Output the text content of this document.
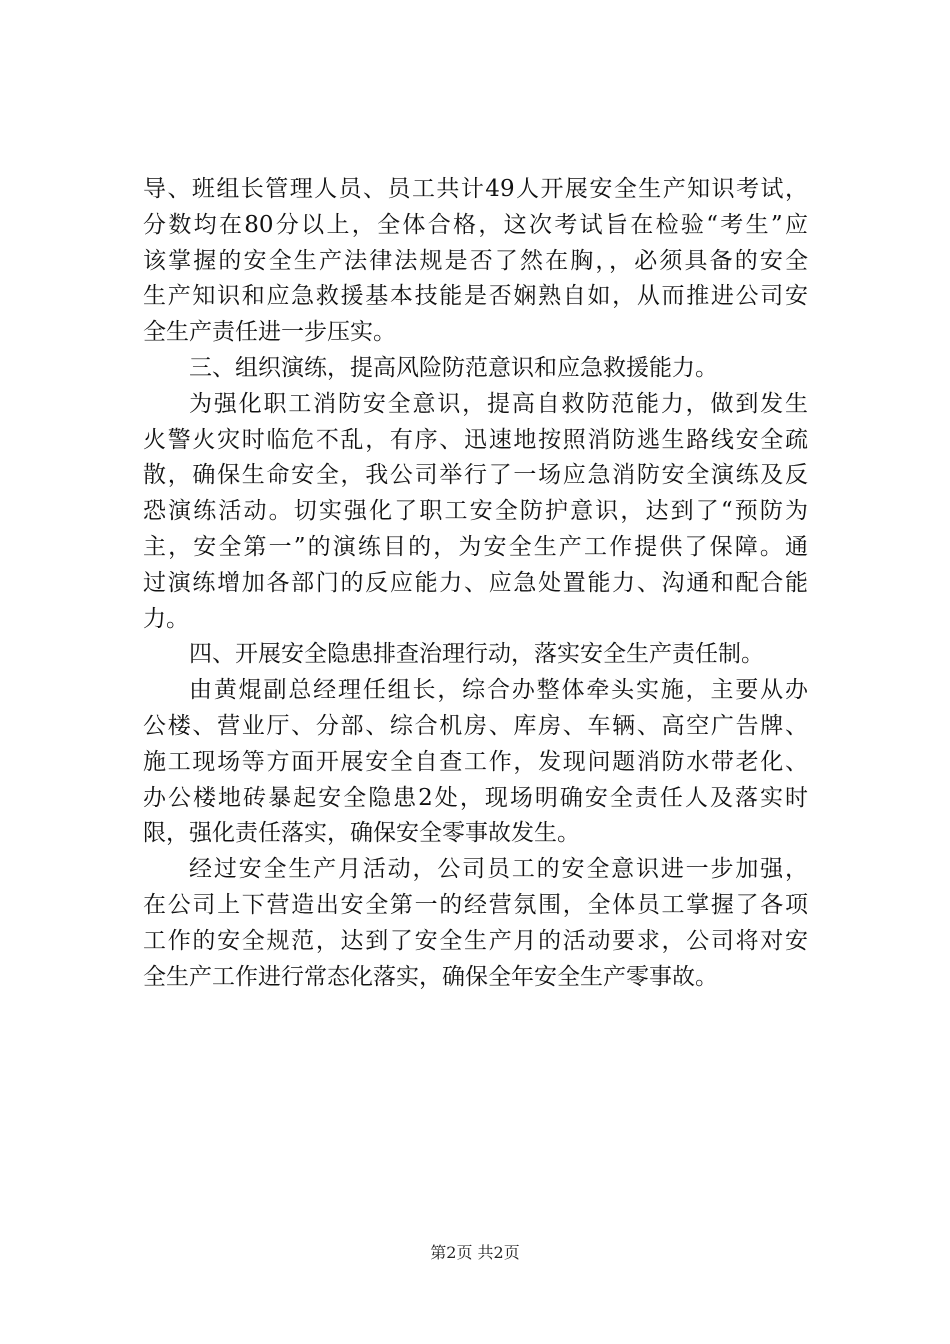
导、班组长管理人员、员工共计49人开展安全生产知识考试，
分数均在80分以上，全体合格，这次考试旨在检验“考生”应
该掌握的安全生产法律法规是否了然在胸，，必须具备的安全
生产知识和应急救援基本技能是否娴熟自如，从而推进公司安
全生产责任进一步压实。
三、组织演练，提高风险防范意识和应急救援能力。
为强化职工消防安全意识，提高自救防范能力，做到发生
火警火灾时临危不乱，有序、迅速地按照消防逃生路线安全疏
散，确保生命安全，我公司举行了一场应急消防安全演练及反
恐演练活动。切实强化了职工安全防护意识，达到了“预防为
主，安全第一”的演练目的，为安全生产工作提供了保障。通
过演练增加各部门的反应能力、应急处置能力、沟通和配合能
力。
四、开展安全隐患排查治理行动，落实安全生产责任制。
由黄焜副总经理任组长，综合办整体牵头实施，主要从办
公楼、营业厅、分部、综合机房、库房、车辆、高空广告牌、
施工现场等方面开展安全自查工作，发现问题消防水带老化、
办公楼地砖暴起安全隐患2处，现场明确安全责任人及落实时
限，强化责任落实，确保安全零事故发生。
经过安全生产月活动，公司员工的安全意识进一步加强，
在公司上下营造出安全第一的经营氛围，全体员工掌握了各项
工作的安全规范，达到了安全生产月的活动要求，公司将对安
全生产工作进行常态化落实，确保全年安全生产零事故。
第2页 共2页
